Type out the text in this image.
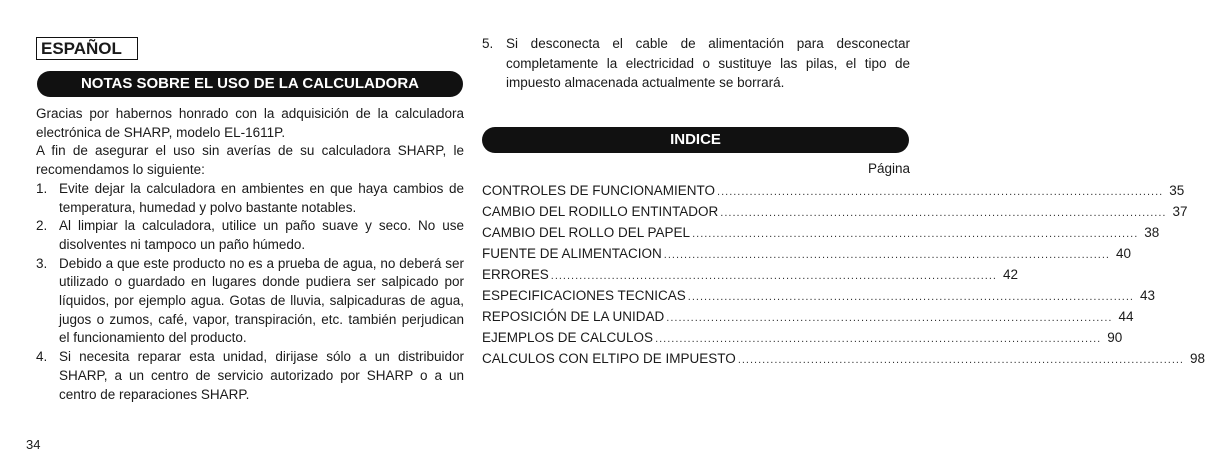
ESPAÑOL
NOTAS SOBRE EL USO DE LA CALCULADORA

Gracias por habernos honrado con la adquisición de la calculadora electrónica de SHARP, modelo EL-1611P.

A fin de asegurar el uso sin averías de su calculadora SHARP, le recomendamos lo siguiente:

1. Evite dejar la calculadora en ambientes en que haya cambios de temperatura, humedad y polvo bastante notables.
2. Al limpiar la calculadora, utilice un paño suave y seco. No use disolventes ni tampoco un paño húmedo.
3. Debido a que este producto no es a prueba de agua, no deberá ser utilizado o guardado en lugares donde pudiera ser salpicado por líquidos, por ejemplo agua. Gotas de lluvia, salpicaduras de agua, jugos o zumos, café, vapor, transpiración, etc. también perjudican el funcionamiento del producto.
4. Si necesita reparar esta unidad, dirijase sólo a un distribuidor SHARP, a un centro de servicio autorizado por SHARP o a un centro de reparaciones SHARP.
5. Si desconecta el cable de alimentación para desconectar completamente la electricidad o sustituye las pilas, el tipo de impuesto almacenada actualmente se borrará.
INDICE
Página
CONTROLES DE FUNCIONAMIENTO .............................................................................................................. 35
CAMBIO DEL RODILLO ENTINTADOR .............................................................................................................. 37
CAMBIO DEL ROLLO DEL PAPEL .............................................................................................................. 38
FUENTE DE ALIMENTACION .............................................................................................................. 40
ERRORES .............................................................................................................. 42
ESPECIFICACIONES TECNICAS .............................................................................................................. 43
REPOSICIÓN DE LA UNIDAD .............................................................................................................. 44
EJEMPLOS DE CALCULOS .............................................................................................................. 90
CALCULOS CON ELTIPO DE IMPUESTO .............................................................................................................. 98
34
